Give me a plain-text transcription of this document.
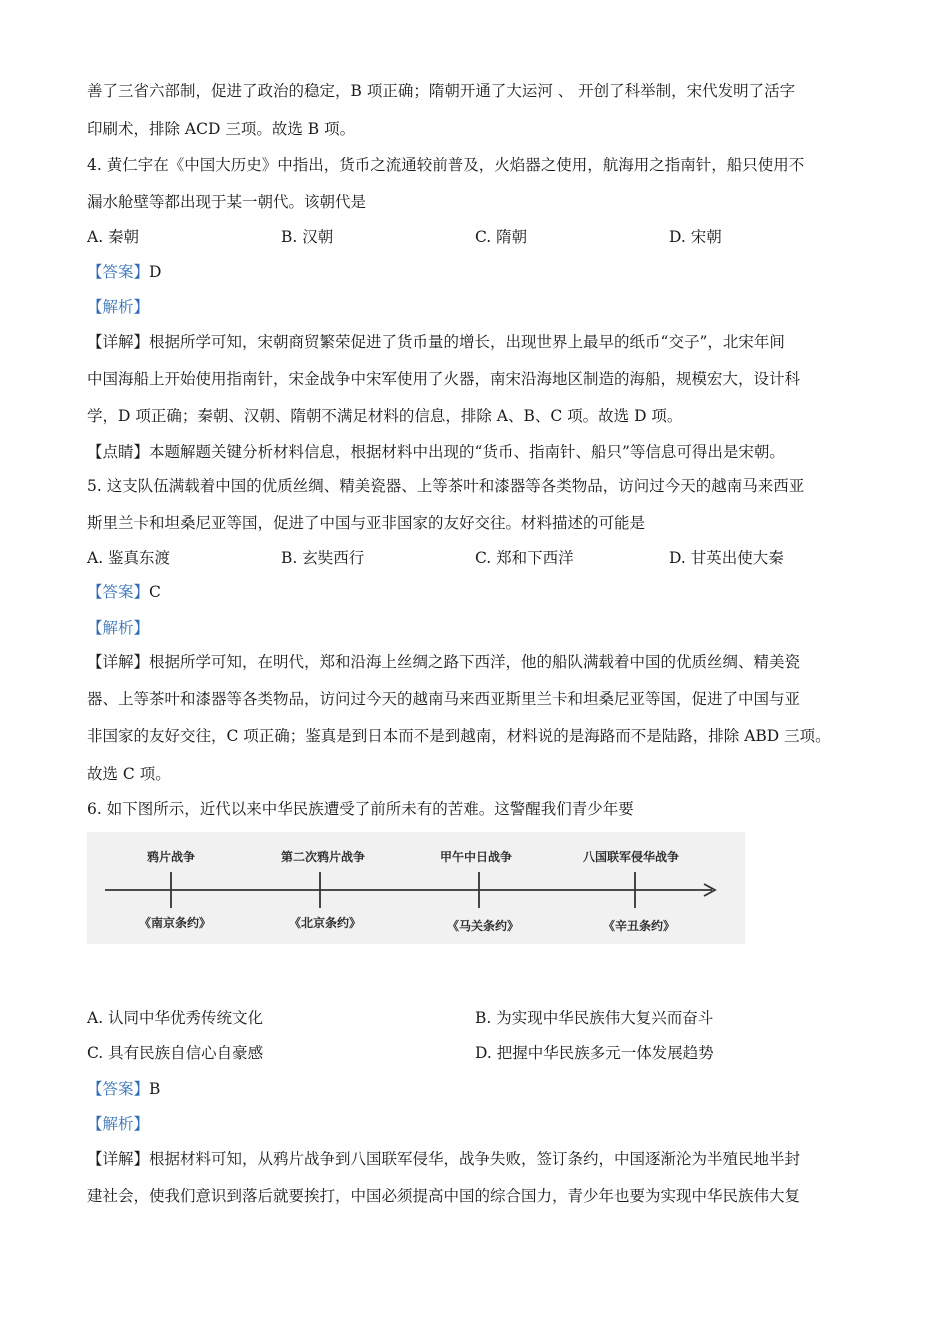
善了三省六部制，促进了政治的稳定，B 项正确；隋朝开通了大运河 、 开创了科举制，宋代发明了活字
印刷术，排除 ACD 三项。故选 B 项。
4. 黄仁宇在《中国大历史》中指出，货币之流通较前普及，火焰器之使用，航海用之指南针，船只使用不
漏水舱壁等都出现于某一朝代。该朝代是
A. 秦朝	B. 汉朝	C. 隋朝	D. 宋朝
【答案】D
【解析】
【详解】根据所学可知，宋朝商贸繁荣促进了货币量的增长，出现世界上最早的纸币“交子”，北宋年间
中国海船上开始使用指南针，宋金战争中宋军使用了火器，南宋沿海地区制造的海船，规模宏大，设计科
学，D 项正确；秦朝、汉朝、隋朝不满足材料的信息，排除 A、B、C 项。故选 D 项。
【点睛】本题解题关键分析材料信息，根据材料中出现的“货币、指南针、船只”等信息可得出是宋朝。
5. 这支队伍满载着中国的优质丝绸、精美瓷器、上等茶叶和漆器等各类物品，访问过今天的越南马来西亚
斯里兰卡和坦桑尼亚等国，促进了中国与亚非国家的友好交往。材料描述的可能是
A. 鉴真东渡	B. 玄奘西行	C. 郑和下西洋	D. 甘英出使大秦
【答案】C
【解析】
【详解】根据所学可知，在明代，郑和沿海上丝绸之路下西洋，他的船队满载着中国的优质丝绸、精美瓷
器、上等茶叶和漆器等各类物品，访问过今天的越南马来西亚斯里兰卡和坦桑尼亚等国，促进了中国与亚
非国家的友好交往，C 项正确；鉴真是到日本而不是到越南，材料说的是海路而不是陆路，排除 ABD 三项。
故选 C 项。
6. 如下图所示，近代以来中华民族遭受了前所未有的苦难。这警醒我们青少年要
鸦片战争	第二次鸦片战争	甲午中日战争	八国联军侵华战争
《南京条约》	《北京条约》	《马关条约》	《辛丑条约》
A. 认同中华优秀传统文化	B. 为实现中华民族伟大复兴而奋斗
C. 具有民族自信心自豪感	D. 把握中华民族多元一体发展趋势
【答案】B
【解析】
【详解】根据材料可知，从鸦片战争到八国联军侵华，战争失败，签订条约，中国逐渐沦为半殖民地半封
建社会，使我们意识到落后就要挨打，中国必须提高中国的综合国力，青少年也要为实现中华民族伟大复
